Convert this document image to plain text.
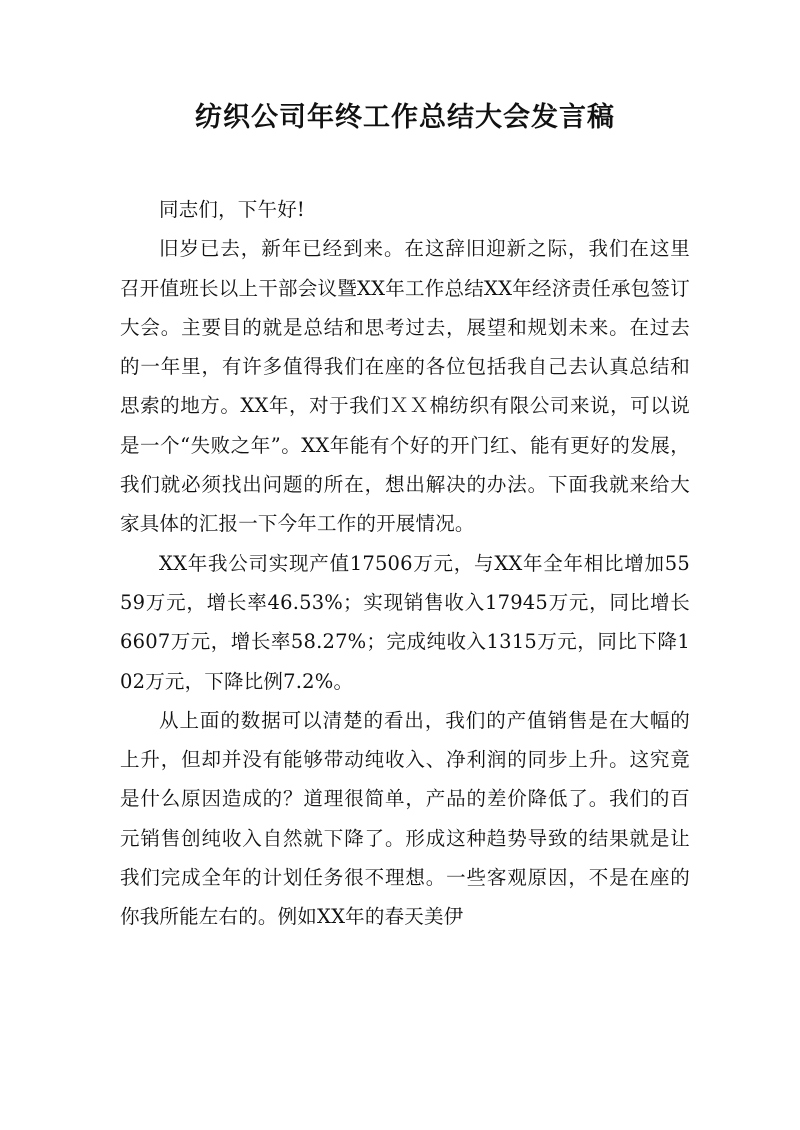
纺织公司年终工作总结大会发言稿

同志们，下午好!

旧岁已去，新年已经到来。在这辞旧迎新之际，我们在这里召开值班长以上干部会议暨XX年工作总结XX年经济责任承包签订大会。主要目的就是总结和思考过去，展望和规划未来。在过去的一年里，有许多值得我们在座的各位包括我自己去认真总结和思索的地方。XX年，对于我们ＸＸ棉纺织有限公司来说，可以说是一个“失败之年”。XX年能有个好的开门红、能有更好的发展，我们就必须找出问题的所在，想出解决的办法。下面我就来给大家具体的汇报一下今年工作的开展情况。

XX年我公司实现产值17506万元，与XX年全年相比增加5559万元，增长率46.53%；实现销售收入17945万元，同比增长6607万元，增长率58.27%；完成纯收入1315万元，同比下降102万元，下降比例7.2%。

从上面的数据可以清楚的看出，我们的产值销售是在大幅的上升，但却并没有能够带动纯收入、净利润的同步上升。这究竟是什么原因造成的？道理很简单，产品的差价降低了。我们的百元销售创纯收入自然就下降了。形成这种趋势导致的结果就是让我们完成全年的计划任务很不理想。一些客观原因，不是在座的你我所能左右的。例如XX年的春天美伊
